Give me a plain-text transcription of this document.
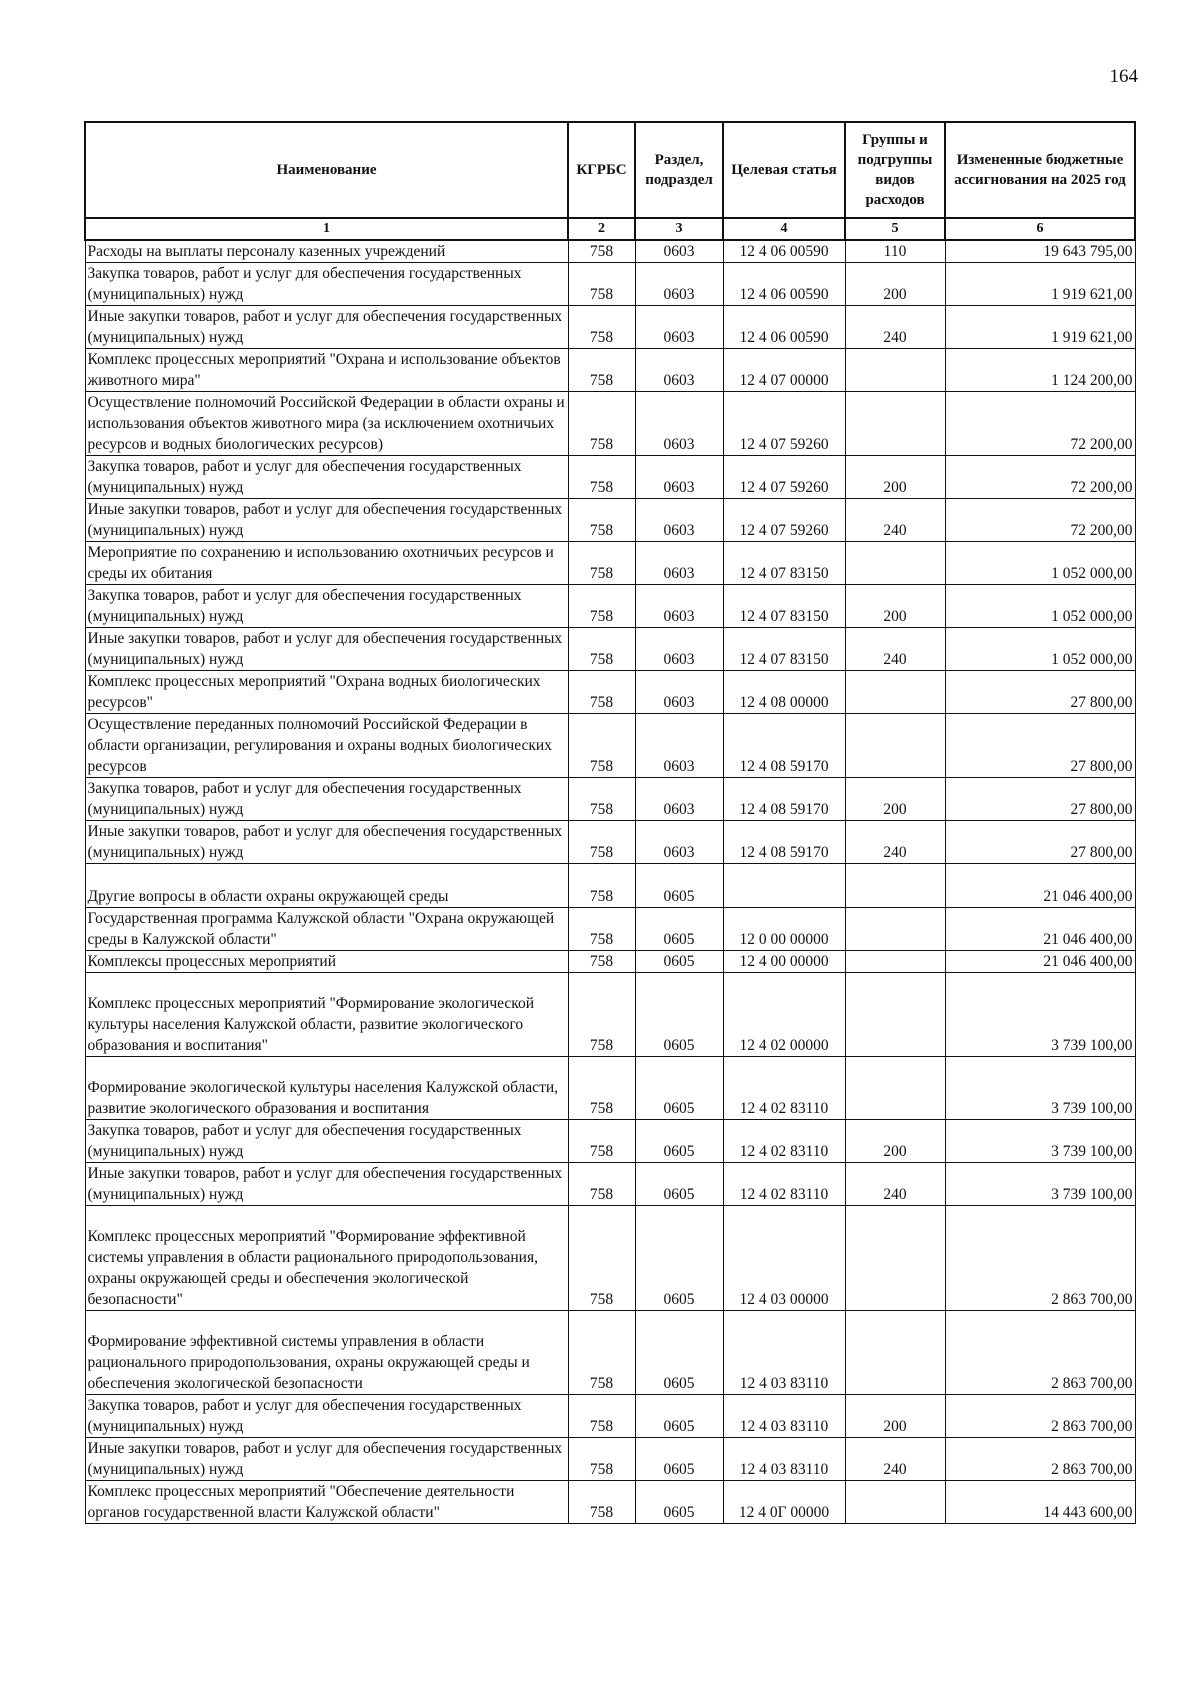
164
Наименование	КГРБС	Раздел, подраздел	Целевая статья	Группы и подгруппы видов расходов	Измененные бюджетные ассигнования на 2025 год
1	2	3	4	5	6
Расходы на выплаты персоналу казенных учреждений	758	0603	12 4 06 00590	110	19 643 795,00
Закупка товаров, работ и услуг для обеспечения государственных (муниципальных) нужд	758	0603	12 4 06 00590	200	1 919 621,00
Иные закупки товаров, работ и услуг для обеспечения государственных (муниципальных) нужд	758	0603	12 4 06 00590	240	1 919 621,00
Комплекс процессных мероприятий "Охрана и использование объектов животного мира"	758	0603	12 4 07 00000		1 124 200,00
Осуществление полномочий Российской Федерации в области охраны и использования объектов животного мира (за исключением охотничьих ресурсов и водных биологических ресурсов)	758	0603	12 4 07 59260		72 200,00
Закупка товаров, работ и услуг для обеспечения государственных (муниципальных) нужд	758	0603	12 4 07 59260	200	72 200,00
Иные закупки товаров, работ и услуг для обеспечения государственных (муниципальных) нужд	758	0603	12 4 07 59260	240	72 200,00
Мероприятие по сохранению и использованию охотничьих ресурсов и среды их обитания	758	0603	12 4 07 83150		1 052 000,00
Закупка товаров, работ и услуг для обеспечения государственных (муниципальных) нужд	758	0603	12 4 07 83150	200	1 052 000,00
Иные закупки товаров, работ и услуг для обеспечения государственных (муниципальных) нужд	758	0603	12 4 07 83150	240	1 052 000,00
Комплекс процессных мероприятий "Охрана водных биологических ресурсов"	758	0603	12 4 08 00000		27 800,00
Осуществление переданных полномочий Российской Федерации в области организации, регулирования и охраны водных биологических ресурсов	758	0603	12 4 08 59170		27 800,00
Закупка товаров, работ и услуг для обеспечения государственных (муниципальных) нужд	758	0603	12 4 08 59170	200	27 800,00
Иные закупки товаров, работ и услуг для обеспечения государственных (муниципальных) нужд	758	0603	12 4 08 59170	240	27 800,00
Другие вопросы в области охраны окружающей среды	758	0605			21 046 400,00
Государственная программа Калужской области "Охрана окружающей среды в Калужской области"	758	0605	12 0 00 00000		21 046 400,00
Комплексы процессных мероприятий	758	0605	12 4 00 00000		21 046 400,00
Комплекс процессных мероприятий "Формирование экологической культуры населения Калужской области, развитие экологического образования и воспитания"	758	0605	12 4 02 00000		3 739 100,00
Формирование экологической культуры населения Калужской области, развитие экологического образования и воспитания	758	0605	12 4 02 83110		3 739 100,00
Закупка товаров, работ и услуг для обеспечения государственных (муниципальных) нужд	758	0605	12 4 02 83110	200	3 739 100,00
Иные закупки товаров, работ и услуг для обеспечения государственных (муниципальных) нужд	758	0605	12 4 02 83110	240	3 739 100,00
Комплекс процессных мероприятий "Формирование эффективной системы управления в области рационального природопользования, охраны окружающей среды и обеспечения экологической безопасности"	758	0605	12 4 03 00000		2 863 700,00
Формирование эффективной системы управления в области рационального природопользования, охраны окружающей среды и обеспечения экологической безопасности	758	0605	12 4 03 83110		2 863 700,00
Закупка товаров, работ и услуг для обеспечения государственных (муниципальных) нужд	758	0605	12 4 03 83110	200	2 863 700,00
Иные закупки товаров, работ и услуг для обеспечения государственных (муниципальных) нужд	758	0605	12 4 03 83110	240	2 863 700,00
Комплекс процессных мероприятий "Обеспечение деятельности органов государственной власти Калужской области"	758	0605	12 4 0Г 00000		14 443 600,00
